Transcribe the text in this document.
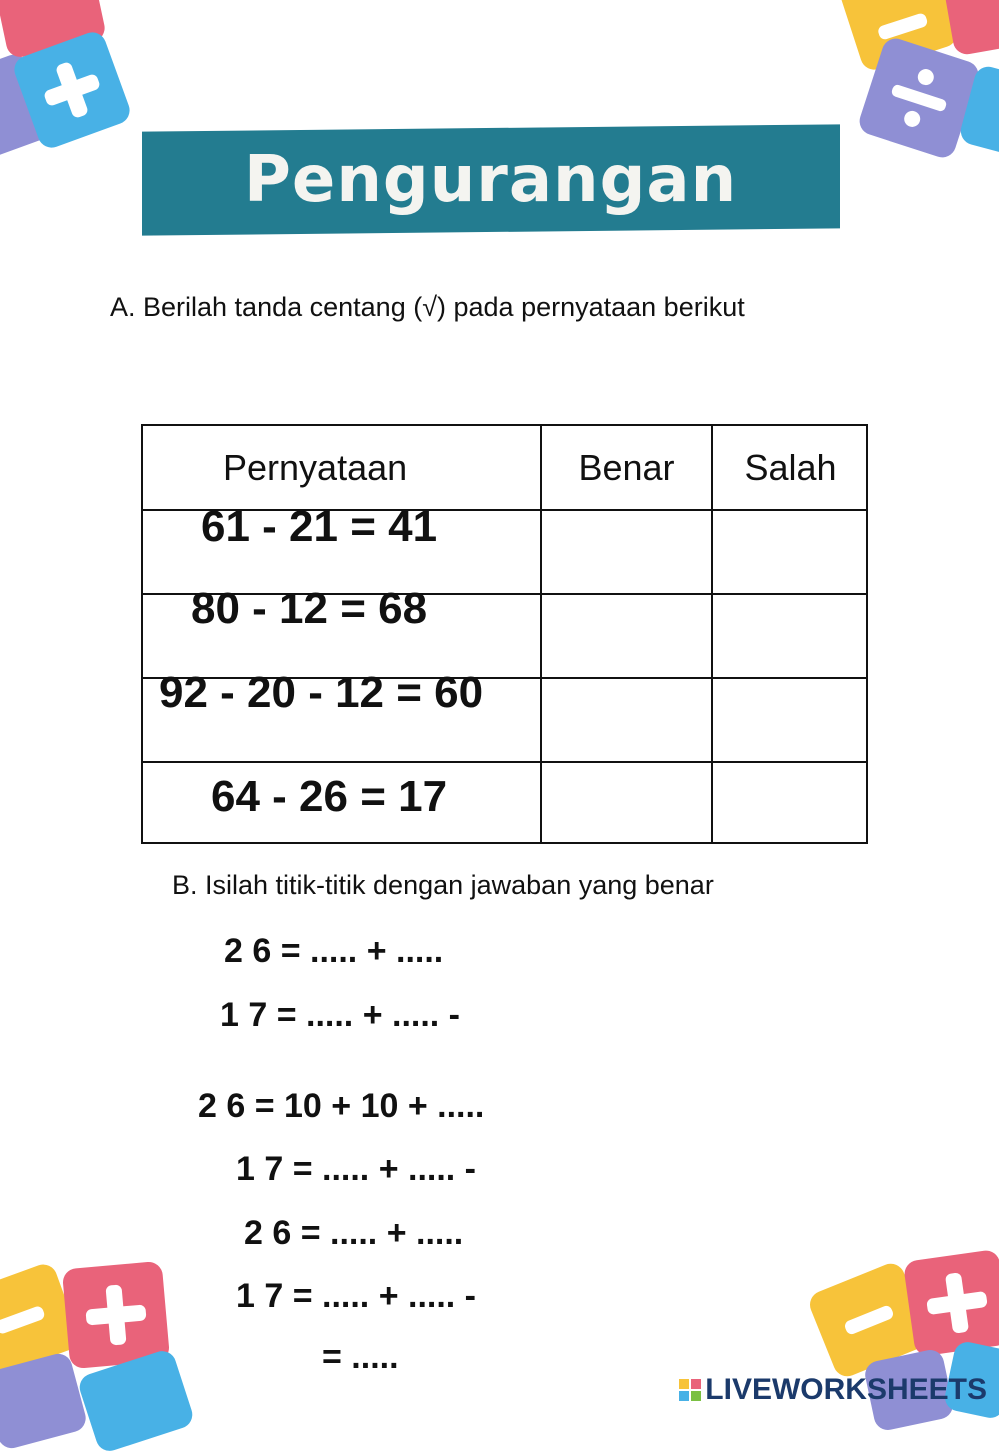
Pengurangan
A. Berilah tanda centang (√) pada pernyataan berikut
Pernyataan	Benar	Salah
61 - 21 = 41
80 - 12 = 68
92 - 20 - 12 = 60
64 - 26 = 17
B. Isilah titik-titik dengan jawaban yang benar
2 6 = ..... + .....
1 7 = ..... + ..... -
2 6 = 10 + 10 + .....
1 7 = ..... + ..... -
2 6 = ..... + .....
1 7 = ..... + ..... -
= .....
LIVEWORKSHEETS
